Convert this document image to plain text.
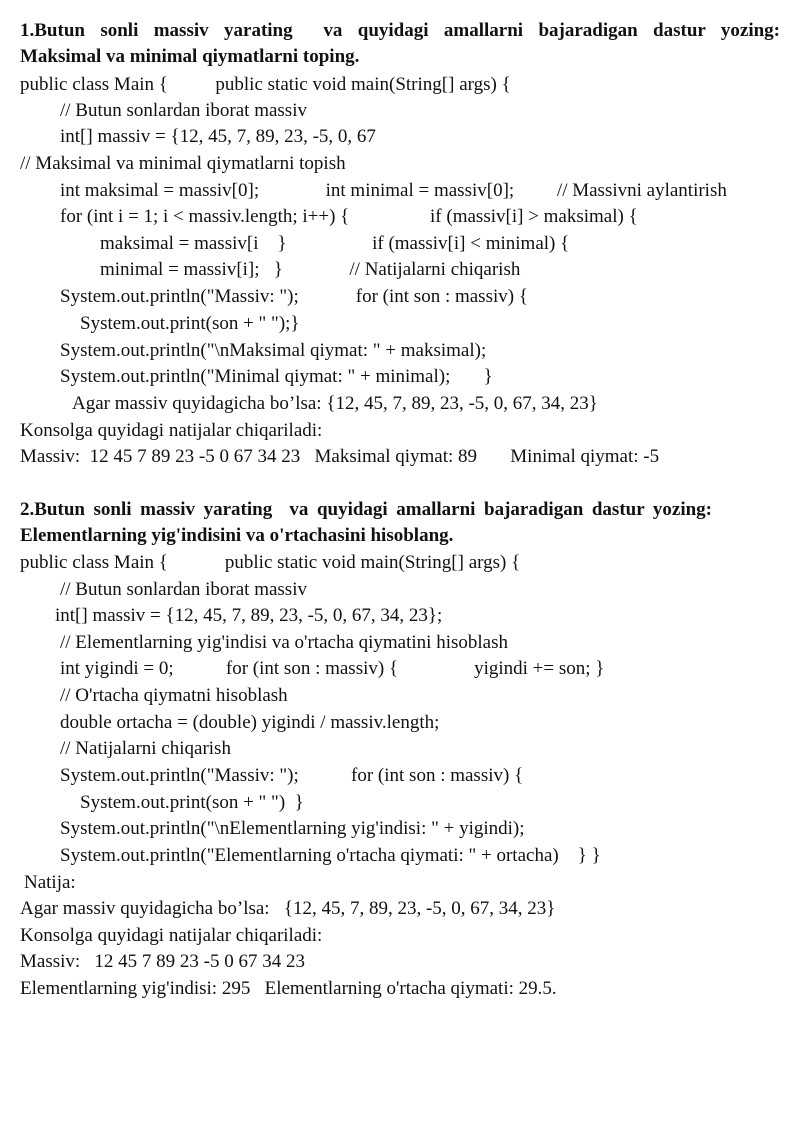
1.Butun sonli massiv yarating  va quyidagi amallarni bajaradigan dastur yozing:
Maksimal va minimal qiymatlarni toping.
public class Main {          public static void main(String[] args) {
// Butun sonlardan iborat massiv
int[] massiv = {12, 45, 7, 89, 23, -5, 0, 67
// Maksimal va minimal qiymatlarni topish
int maksimal = massiv[0];              int minimal = massiv[0];         // Massivni aylantirish
for (int i = 1; i < massiv.length; i++) {                 if (massiv[i] > maksimal) {
maksimal = massiv[i    }                  if (massiv[i] < minimal) {
minimal = massiv[i];   }              // Natijalarni chiqarish
System.out.println("Massiv: ");            for (int son : massiv) {
System.out.print(son + " ");}
System.out.println("\nMaksimal qiymat: " + maksimal);
System.out.println("Minimal qiymat: " + minimal);       }
Agar massiv quyidagicha bo’lsa: {12, 45, 7, 89, 23, -5, 0, 67, 34, 23}
Konsolga quyidagi natijalar chiqariladi:
Massiv:  12 45 7 89 23 -5 0 67 34 23   Maksimal qiymat: 89       Minimal qiymat: -5
2.Butun sonli massiv yarating  va quyidagi amallarni bajaradigan dastur yozing:
Elementlarning yig'indisini va o'rtachasini hisoblang.
public class Main {            public static void main(String[] args) {
// Butun sonlardan iborat massiv
int[] massiv = {12, 45, 7, 89, 23, -5, 0, 67, 34, 23};
// Elementlarning yig'indisi va o'rtacha qiymatini hisoblash
int yigindi = 0;           for (int son : massiv) {                yigindi += son; }
// O'rtacha qiymatni hisoblash
double ortacha = (double) yigindi / massiv.length;
// Natijalarni chiqarish
System.out.println("Massiv: ");           for (int son : massiv) {
System.out.print(son + " ")  }
System.out.println("\nElementlarning yig'indisi: " + yigindi);
System.out.println("Elementlarning o'rtacha qiymati: " + ortacha)    } }
Natija:
Agar massiv quyidagicha bo’lsa:   {12, 45, 7, 89, 23, -5, 0, 67, 34, 23}
Konsolga quyidagi natijalar chiqariladi:
Massiv:   12 45 7 89 23 -5 0 67 34 23
Elementlarning yig'indisi: 295   Elementlarning o'rtacha qiymati: 29.5.
